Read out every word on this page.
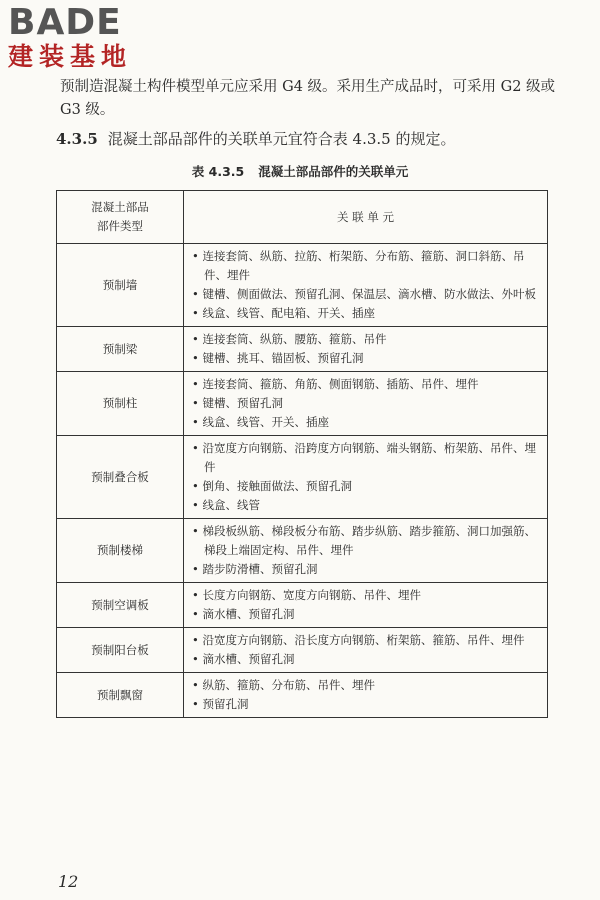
BADE
建装基地
预制造混凝土构件模型单元应采用 G4 级。采用生产成品时，可采用 G2 级或 G3 级。
4.3.5 混凝土部品部件的关联单元宜符合表 4.3.5 的规定。
表 4.3.5 混凝土部品部件的关联单元
混凝土部品
部件类型	关 联 单 元
预制墙	• 连接套筒、纵筋、拉筋、桁架筋、分布筋、箍筋、洞口斜筋、吊件、埋件
• 键槽、侧面做法、预留孔洞、保温层、滴水槽、防水做法、外叶板
• 线盒、线管、配电箱、开关、插座

预制梁	• 连接套筒、纵筋、腰筋、箍筋、吊件
• 键槽、挑耳、锚固板、预留孔洞

预制柱	• 连接套筒、箍筋、角筋、侧面钢筋、插筋、吊件、埋件
• 键槽、预留孔洞
• 线盒、线管、开关、插座

预制叠合板	• 沿宽度方向钢筋、沿跨度方向钢筋、端头钢筋、桁架筋、吊件、埋件
• 倒角、接触面做法、预留孔洞
• 线盒、线管

预制楼梯	• 梯段板纵筋、梯段板分布筋、踏步纵筋、踏步箍筋、洞口加强筋、梯段上端固定构、吊件、埋件
• 踏步防滑槽、预留孔洞

预制空调板	• 长度方向钢筋、宽度方向钢筋、吊件、埋件
• 滴水槽、预留孔洞

预制阳台板	• 沿宽度方向钢筋、沿长度方向钢筋、桁架筋、箍筋、吊件、埋件
• 滴水槽、预留孔洞

预制飘窗	• 纵筋、箍筋、分布筋、吊件、埋件
• 预留孔洞
12
